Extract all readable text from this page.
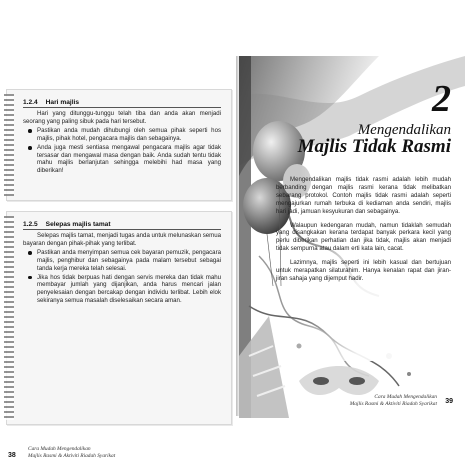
1.2.4 Hari majlis

Hari yang ditunggu-tunggu telah tiba dan anda akan menjadi seorang yang paling sibuk pada hari tersebut.

Pastikan anda mudah dihubungi oleh semua pihak seperti hos majlis, pihak hotel, pengacara majlis dan sebagainya.
Anda juga mesti sentiasa mengawal pengacara majlis agar tidak tersasar dan mengawal masa dengan baik. Anda sudah tentu tidak mahu majlis berlanjutan sehingga melebihi had masa yang diberikan!
1.2.5 Selepas majlis tamat

Selepas majlis tamat, menjadi tugas anda untuk melunaskan semua bayaran dengan pihak-pihak yang terlibat.

Pastikan anda menyimpan semua cek bayaran pemuzik, pengacara majlis, penghibur dan sebagainya pada malam tersebut sebagai tanda kerja mereka telah selesai.
Jika hos tidak berpuas hati dengan servis mereka dan tidak mahu membayar jumlah yang dijanjikan, anda harus mencari jalan penyelesaian dengan bercakap dengan individu terlibat. Lebih elok sekiranya semua masalah diselesaikan secara aman.
38
Cara Mudah Mengendalikan
Majlis Rasmi & Aktiviti Riadah Syarikat
2
Mengendalikan
Majlis Tidak Rasmi

Mengendalikan majlis tidak rasmi adalah lebih mudah berbanding dengan majlis rasmi kerana tidak melibatkan sebarang protokol. Contoh majlis tidak rasmi adalah seperti mengajurkan rumah terbuka di kediaman anda sendiri, majlis hari jadi, jamuan kesyukuran dan sebagainya.

Walaupun kedengaran mudah, namun tidaklah semudah yang disangkakan kerana terdapat banyak perkara kecil yang perlu diberikan perhatian dan jika tidak, majlis akan menjadi tidak sempurna atau dalam erti kata lain, cacat.

Lazimnya, majlis seperti ini lebih kasual dan bertujuan untuk merapatkan silaturahim. Hanya kenalan rapat dan jiran-jiran sahaja yang dijemput hadir.

Cara Mudah Mengendalikan
Majlis Rasmi & Aktiviti Riadah Syarikat 39
